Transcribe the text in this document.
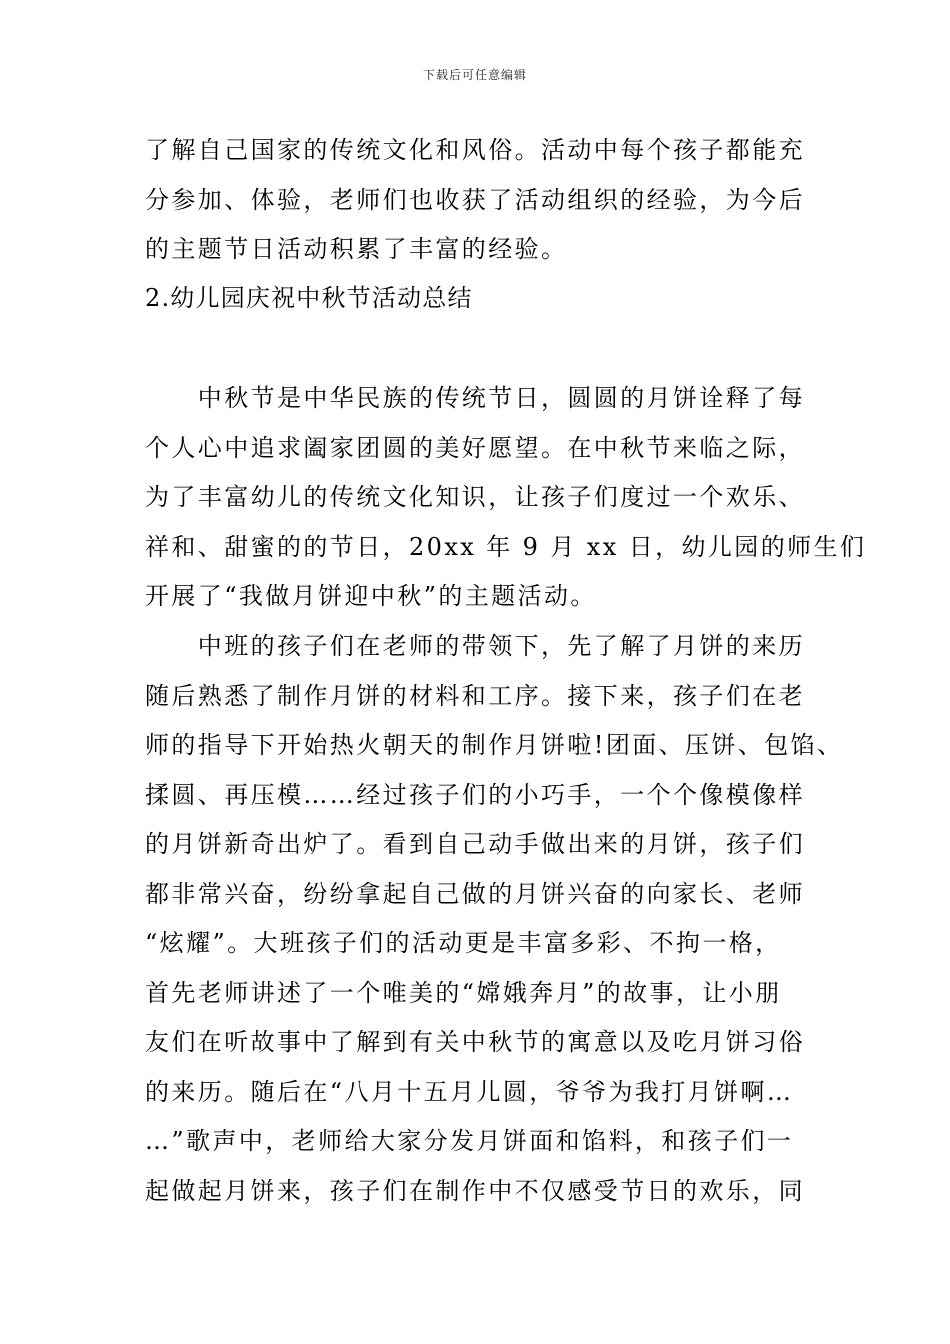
下载后可任意编辑
了解自己国家的传统文化和风俗。活动中每个孩子都能充
分参加、体验，老师们也收获了活动组织的经验，为今后
的主题节日活动积累了丰富的经验。
2.幼儿园庆祝中秋节活动总结
　　中秋节是中华民族的传统节日，圆圆的月饼诠释了每
个人心中追求阖家团圆的美好愿望。在中秋节来临之际，
为了丰富幼儿的传统文化知识，让孩子们度过一个欢乐、
祥和、甜蜜的的节日，20xx 年 9 月 xx 日，幼儿园的师生们
开展了“我做月饼迎中秋”的主题活动。
　　中班的孩子们在老师的带领下，先了解了月饼的来历
随后熟悉了制作月饼的材料和工序。接下来，孩子们在老
师的指导下开始热火朝天的制作月饼啦!团面、压饼、包馅、
揉圆、再压模……经过孩子们的小巧手，一个个像模像样
的月饼新奇出炉了。看到自己动手做出来的月饼，孩子们
都非常兴奋，纷纷拿起自己做的月饼兴奋的向家长、老师
“炫耀”。大班孩子们的活动更是丰富多彩、不拘一格，
首先老师讲述了一个唯美的“嫦娥奔月”的故事，让小朋
友们在听故事中了解到有关中秋节的寓意以及吃月饼习俗
的来历。随后在“八月十五月儿圆，爷爷为我打月饼啊…
…”歌声中，老师给大家分发月饼面和馅料，和孩子们一
起做起月饼来，孩子们在制作中不仅感受节日的欢乐，同
